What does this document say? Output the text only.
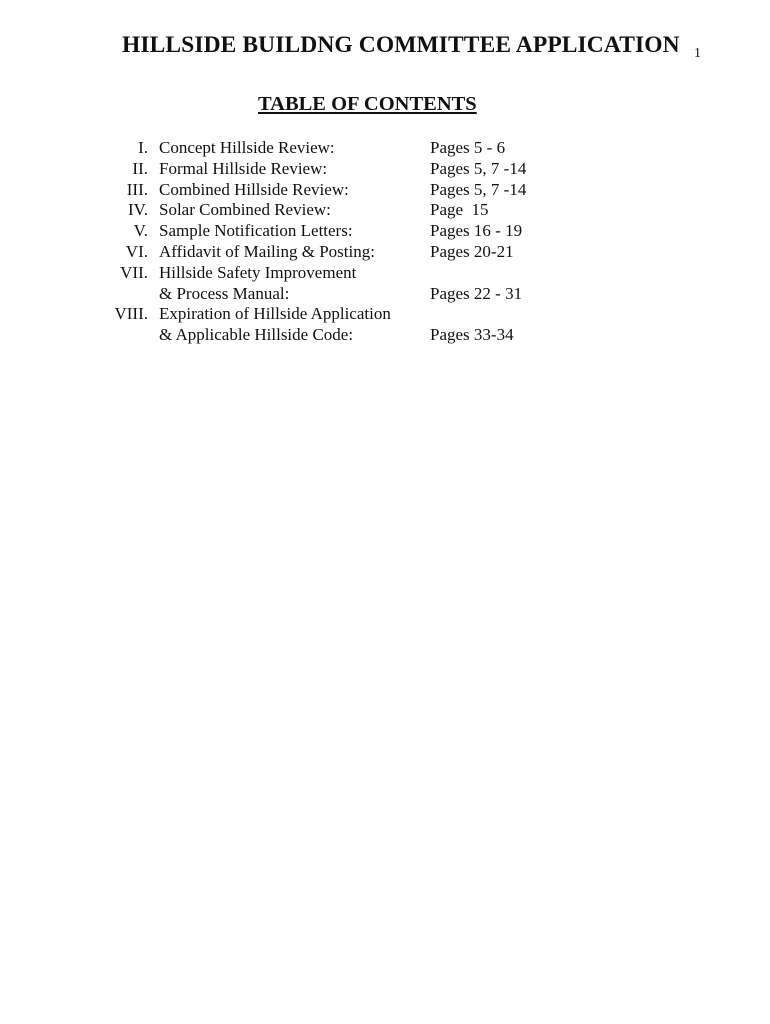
HILLSIDE BUILDNG COMMITTEE APPLICATION 1
TABLE OF CONTENTS
I. Concept Hillside Review:	Pages 5 - 6
II. Formal Hillside Review:	Pages 5, 7 -14
III. Combined Hillside Review:	Pages 5, 7 -14
IV. Solar Combined Review:	Page  15
V. Sample Notification Letters:	Pages 16 - 19
VI. Affidavit of Mailing & Posting:	Pages 20-21
VII. Hillside Safety Improvement
& Process Manual:	Pages 22 - 31
VIII. Expiration of Hillside Application
& Applicable Hillside Code:	Pages 33-34
